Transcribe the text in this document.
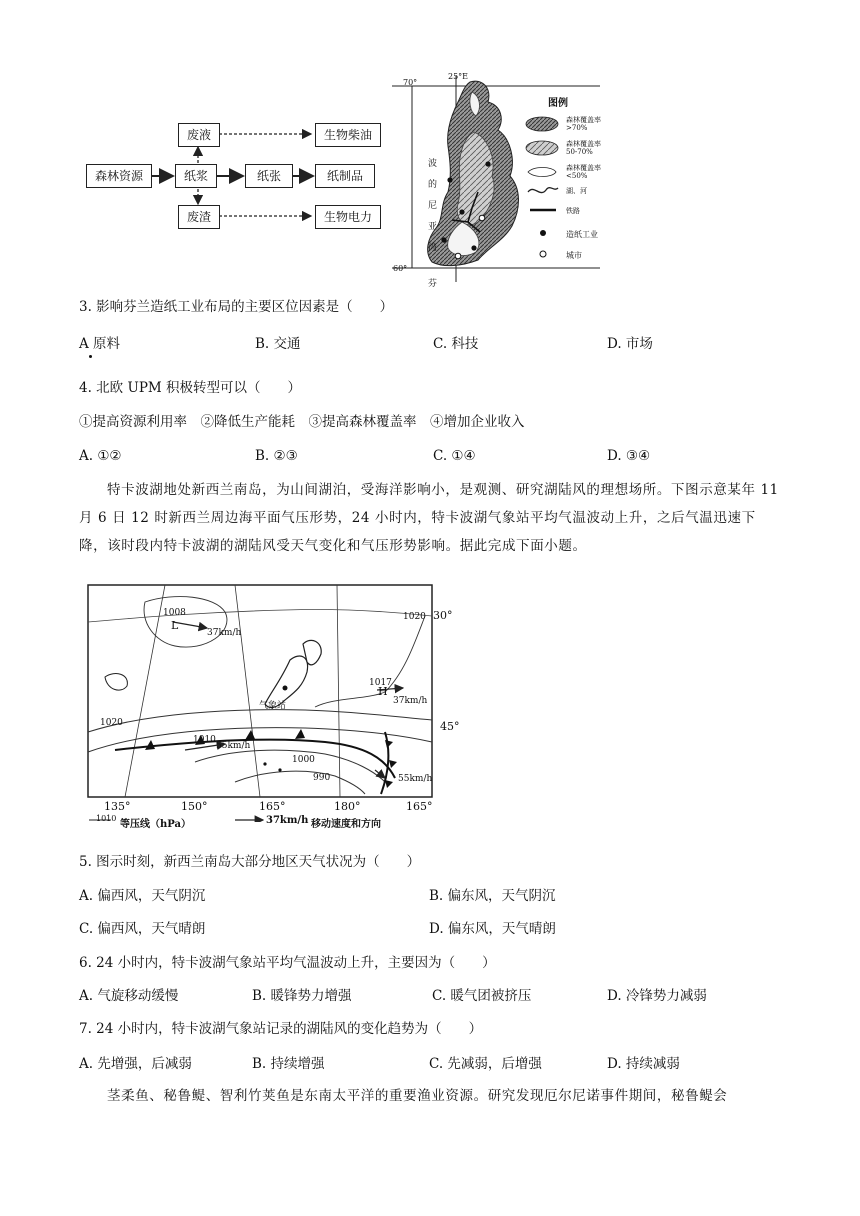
森林资源	纸浆	纸张	纸制品
废液	生物柴油
废渣	生物电力
70°
25°E
60°
芬
波
的
尼
亚
湾
图例
森林覆盖率
>70%
森林覆盖率
50-70%
森林覆盖率
<50%
湖、河
铁路
造纸工业
城市
3. 影响芬兰造纸工业布局的主要区位因素是（　　）
A 原料	B. 交通	C. 科技	D. 市场
4. 北欧 UPM 积极转型可以（　　）
①提高资源利用率　②降低生产能耗　③提高森林覆盖率　④增加企业收入
A. ①②	B. ②③	C. ①④	D. ③④
特卡波湖地处新西兰南岛，为山间湖泊，受海洋影响小，是观测、研究湖陆风的理想场所。下图示意某年 11 月 6 日 12 时新西兰周边海平面气压形势，24 小时内，特卡波湖气象站平均气温波动上升，之后气温迅速下降，该时段内特卡波湖的湖陆风受天气变化和气压形势影响。据此完成下面小题。
1008
L
37km/h
1020 30°
1017
H
37km/h
1020	45°
气象站
1010
55km/h
1000
990	55km/h
135°	150°	165°	180°	165°
1010
等压线（hPa）	37km/h 移动速度和方向
5. 图示时刻，新西兰南岛大部分地区天气状况为（　　）
A. 偏西风，天气阴沉	B. 偏东风，天气阴沉
C. 偏西风，天气晴朗	D. 偏东风，天气晴朗
6. 24 小时内，特卡波湖气象站平均气温波动上升，主要因为（　　）
A. 气旋移动缓慢	B. 暖锋势力增强	C. 暖气团被挤压	D. 冷锋势力减弱
7. 24 小时内，特卡波湖气象站记录的湖陆风的变化趋势为（　　）
A. 先增强，后减弱	B. 持续增强	C. 先减弱，后增强	D. 持续减弱
茎柔鱼、秘鲁鳀、智利竹荚鱼是东南太平洋的重要渔业资源。研究发现厄尔尼诺事件期间，秘鲁鳀会
